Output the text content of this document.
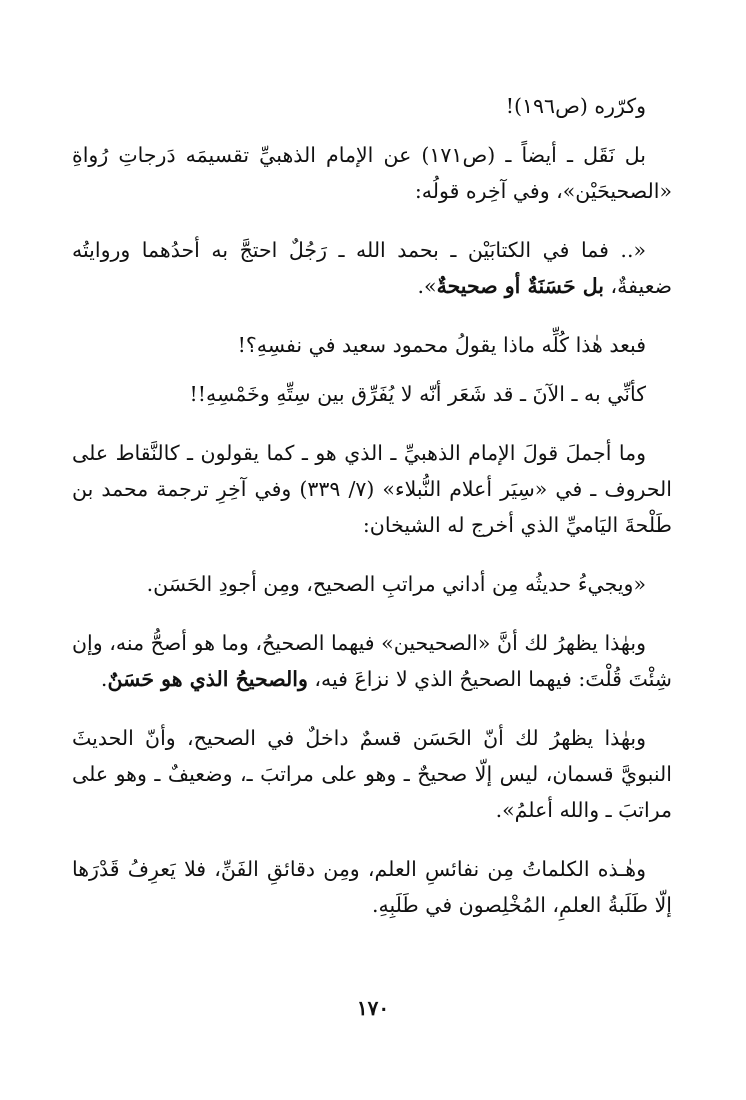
وكرّره (ص١٩٦)!

بل نَقَل ـ أيضاً ـ (ص١٧١) عن الإمام الذهبيِّ تقسيمَه دَرجاتِ رُواةِ «الصحيحَيْن»، وفي آخِره قولُه:

«.. فما في الكتابَيْن ـ بحمد الله ـ رَجُلٌ احتجَّ به أحدُهما وروايتُه ضعيفةٌ، بل حَسَنَةٌ أو صحيحةٌ».

فبعد هٰذا كُلِّه ماذا يقولُ محمود سعيد في نفسِهِ؟!

كأنِّي به ـ الآنَ ـ قد شَعَر أنّه لا يُفَرِّق بين سِتِّهِ وخَمْسِهِ!!

وما أجملَ قولَ الإمام الذهبيِّ ـ الذي هو ـ كما يقولون ـ كالنَّقاط على الحروف ـ في «سِيَر أعلام النُّبلاء» (٧/ ٣٣٩) وفي آخِرِ ترجمة محمد بن طَلْحةَ اليَاميِّ الذي أخرج له الشيخان:

«ويجيءُ حديثُه مِن أداني مراتبِ الصحيح، ومِن أجودِ الحَسَن.

وبهٰذا يظهرُ لك أنَّ «الصحيحين» فيهما الصحيحُ، وما هو أصحُّ منه، وإن شِئْتَ قُلْتَ: فيهما الصحيحُ الذي لا نزاعَ فيه، والصحيحُ الذي هو حَسَنٌ.

وبهٰذا يظهرُ لك أنّ الحَسَن قسمٌ داخلٌ في الصحيح، وأنّ الحديثَ النبويَّ قسمان، ليس إلّا صحيحٌ ـ وهو على مراتبَ ـ، وضعيفٌ ـ وهو على مراتبَ ـ والله أعلمُ».

وهٰـذه الكلماتُ مِن نفائسِ العلم، ومِن دقائقِ الفَنِّ، فلا يَعرِفُ قَدْرَها إلّا طَلَبةُ العلمِ، المُخْلِصون في طَلَبِهِ.

١٧٠
